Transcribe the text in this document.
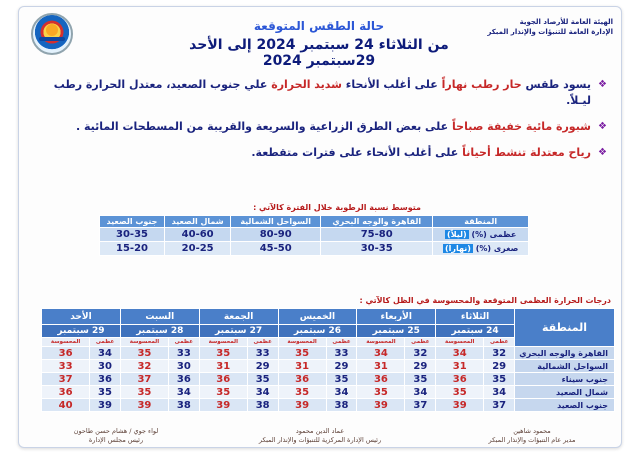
الهيئة العامة للأرصاد الجوية
الإدارة العامة للتنبؤات والإنذار المبكر
حالة الطقس المتوقعة
من الثلاثاء 24 سبتمبر 2024 إلى الأحد 29سبتمبر 2024
❖
يسود طقس حار رطب نهاراً على أغلب الأنحاء شديد الحرارة علي جنوب الصعيد، معتدل الحرارة رطب ليـلاً.
❖
شبورة مائية خفيفة صباحاً على بعض الطرق الزراعية والسريعة والقريبة من المسطحات المائية .
❖
رياح معتدلة تنشط أحياناً على أغلب الأنحاء على فترات متقطعة.
متوسط نسبة الرطوبة خلال الفترة كالآتي :
المنطقة	القاهرة والوجه البحري	السواحل الشمالية	شمال الصعيد	جنوب الصعيد
عظمى (%) (ليلاً)	75-80	80-90	40-60	30-35
صغرى (%) (نهاراً)	30-35	45-50	20-25	15-20
درجات الحرارة العظمى المتوقعة والمحسوسة في الظل كالآتي :
المنطقة	الثلاثاء		الأربعاء		الخميس		الجمعة		السبت		الأحد	
	24 سبتمبر		25 سبتمبر		26 سبتمبر		27 سبتمبر		28 سبتمبر		29 سبتمبر	
	عظمى	المحسوسة	عظمى	المحسوسة	عظمى	المحسوسة	عظمى	المحسوسة	عظمى	المحسوسة	عظمى	المحسوسة
القاهرة والوجه البحري	32	34	32	34	33	35	33	35	33	35	34	36
السواحل الشمالية	29	31	29	31	29	31	29	31	30	32	30	33
جنوب سيناء	35	36	35	36	35	36	35	36	36	37	36	37
شمال الصعيد	34	35	34	35	34	35	34	35	34	35	35	36
جنوب الصعيد	37	39	37	39	38	39	38	39	38	39	39	40
محمود شاهين
مدير عام التنبؤات والإنذار المبكر
عماد الدين محمود
رئيس الإدارة المركزية للتنبؤات والإنذار المبكر
لواء جوي / هشام حسن طاحون
رئيس مجلس الإدارة
